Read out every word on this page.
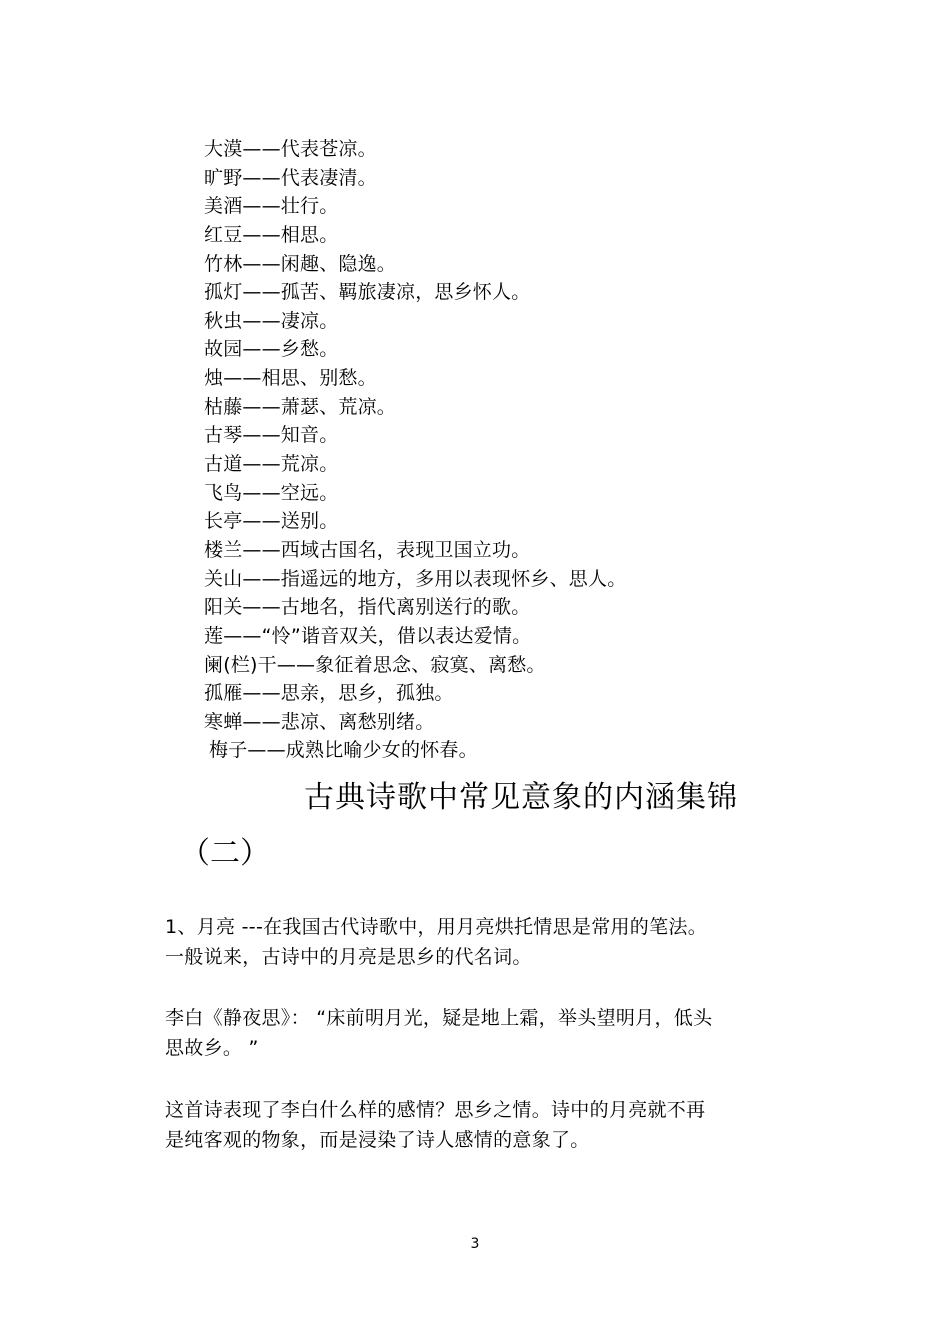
大漠——代表苍凉。
旷野——代表凄清。
美酒——壮行。
红豆——相思。
竹林——闲趣、隐逸。
孤灯——孤苦、羁旅凄凉，思乡怀人。
秋虫——凄凉。
故园——乡愁。
烛——相思、别愁。
枯藤——萧瑟、荒凉。
古琴——知音。
古道——荒凉。
飞鸟——空远。
长亭——送别。
楼兰——西域古国名，表现卫国立功。
关山——指遥远的地方，多用以表现怀乡、思人。
阳关——古地名，指代离别送行的歌。
莲——“怜”谐音双关，借以表达爱情。
阑(栏)干——象征着思念、寂寞、离愁。
孤雁——思亲，思乡，孤独。
寒蝉——悲凉、离愁别绪。
梅子——成熟比喻少女的怀春。
古典诗歌中常见意象的内涵集锦
（二）

1、月亮 ---在我国古代诗歌中，用月亮烘托情思是常用的笔法。
一般说来，古诗中的月亮是思乡的代名词。

李白《静夜思》： “床前明月光，疑是地上霜，举头望明月，低头
思故乡。 ”

这首诗表现了李白什么样的感情？思乡之情。诗中的月亮就不再
是纯客观的物象，而是浸染了诗人感情的意象了。

3
